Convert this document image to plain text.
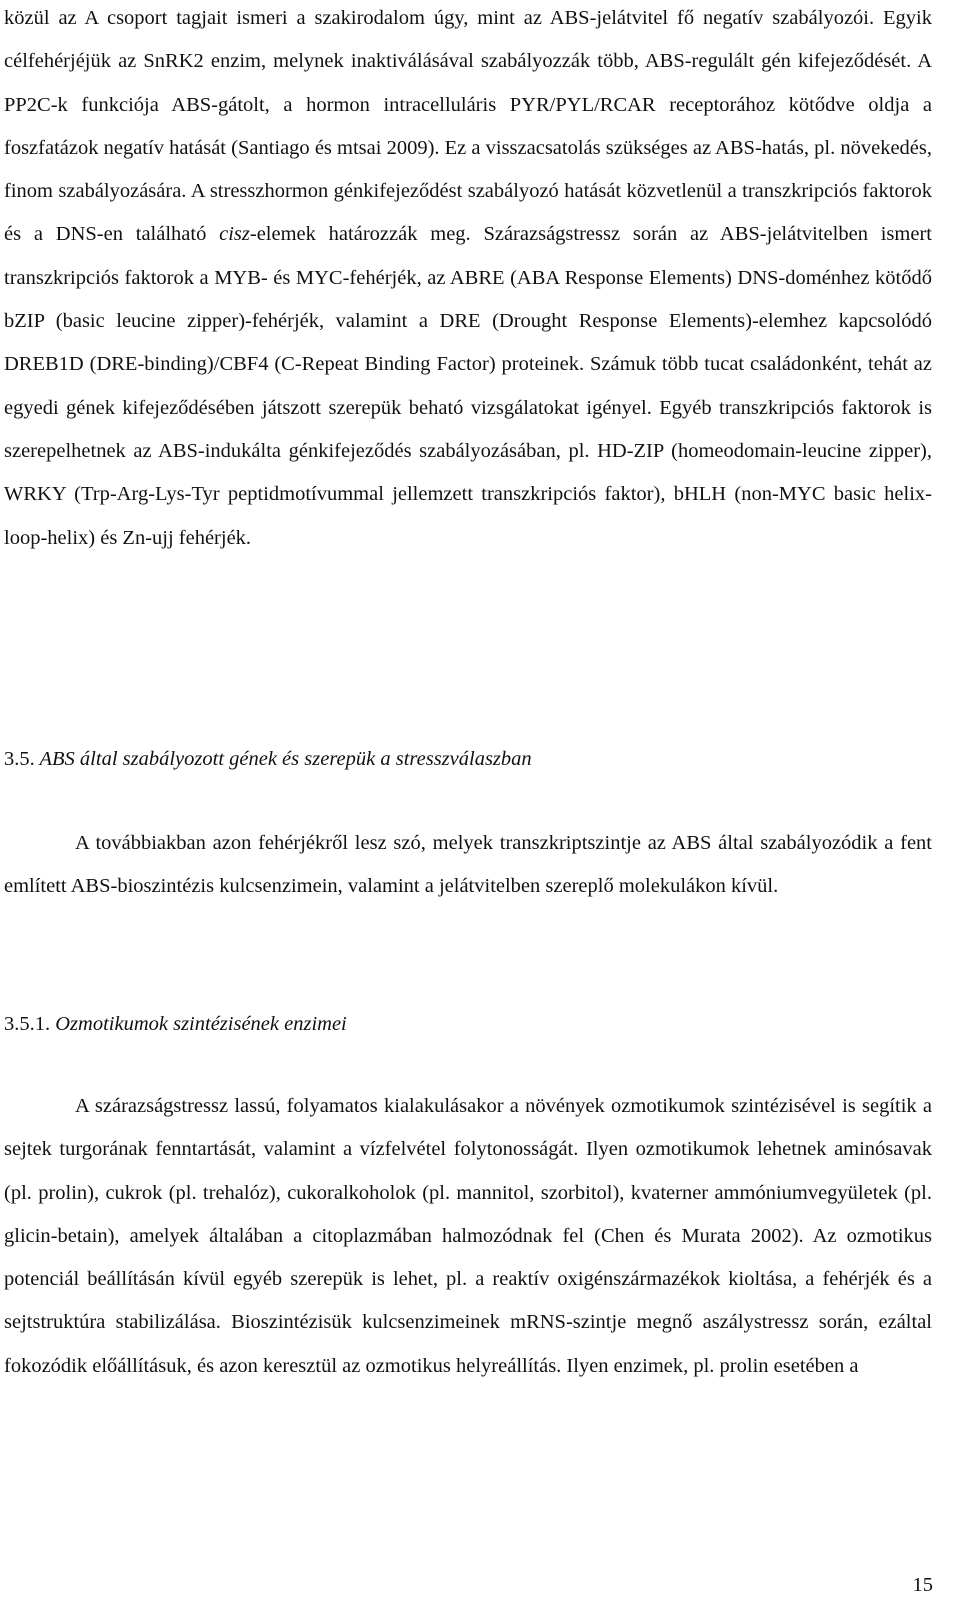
közül az A csoport tagjait ismeri a szakirodalom úgy, mint az ABS-jelátvitel fő negatív szabályozói. Egyik célfehérjéjük az SnRK2 enzim, melynek inaktiválásával szabályozzák több, ABS-regulált gén kifejeződését. A PP2C-k funkciója ABS-gátolt, a hormon intracelluláris PYR/PYL/RCAR receptorához kötődve oldja a foszfatázok negatív hatását (Santiago és mtsai 2009). Ez a visszacsatolás szükséges az ABS-hatás, pl. növekedés, finom szabályozására. A stresszhormon génkifejeződést szabályozó hatását közvetlenül a transzkripciós faktorok és a DNS-en található cisz-elemek határozzák meg. Szárazságstressz során az ABS-jelátvitelben ismert transzkripciós faktorok a MYB- és MYC-fehérjék, az ABRE (ABA Response Elements) DNS-doménhez kötődő bZIP (basic leucine zipper)-fehérjék, valamint a DRE (Drought Response Elements)-elemhez kapcsolódó DREB1D (DRE-binding)/CBF4 (C-Repeat Binding Factor) proteinek. Számuk több tucat családonként, tehát az egyedi gének kifejeződésében játszott szerepük beható vizsgálatokat igényel. Egyéb transzkripciós faktorok is szerepelhetnek az ABS-indukálta génkifejeződés szabályozásában, pl. HD-ZIP (homeodomain-leucine zipper), WRKY (Trp-Arg-Lys-Tyr peptidmotívummal jellemzett transzkripciós faktor), bHLH (non-MYC basic helix-loop-helix) és Zn-ujj fehérjék.

3.5. ABS által szabályozott gének és szerepük a stresszválaszban

A továbbiakban azon fehérjékről lesz szó, melyek transzkriptszintje az ABS által szabályozódik a fent említett ABS-bioszintézis kulcsenzimein, valamint a jelátvitelben szereplő molekulákon kívül.

3.5.1. Ozmotikumok szintézisének enzimei

A szárazságstressz lassú, folyamatos kialakulásakor a növények ozmotikumok szintézisével is segítik a sejtek turgorának fenntartását, valamint a vízfelvétel folytonosságát. Ilyen ozmotikumok lehetnek aminósavak (pl. prolin), cukrok (pl. trehalóz), cukoralkoholok (pl. mannitol, szorbitol), kvaterner ammóniumvegyületek (pl. glicin-betain), amelyek általában a citoplazmában halmozódnak fel (Chen és Murata 2002). Az ozmotikus potenciál beállításán kívül egyéb szerepük is lehet, pl. a reaktív oxigénszármazékok kioltása, a fehérjék és a sejtstruktúra stabilizálása. Bioszintézisük kulcsenzimeinek mRNS-szintje megnő aszálystressz során, ezáltal fokozódik előállításuk, és azon keresztül az ozmotikus helyreállítás. Ilyen enzimek, pl. prolin esetében a

15
